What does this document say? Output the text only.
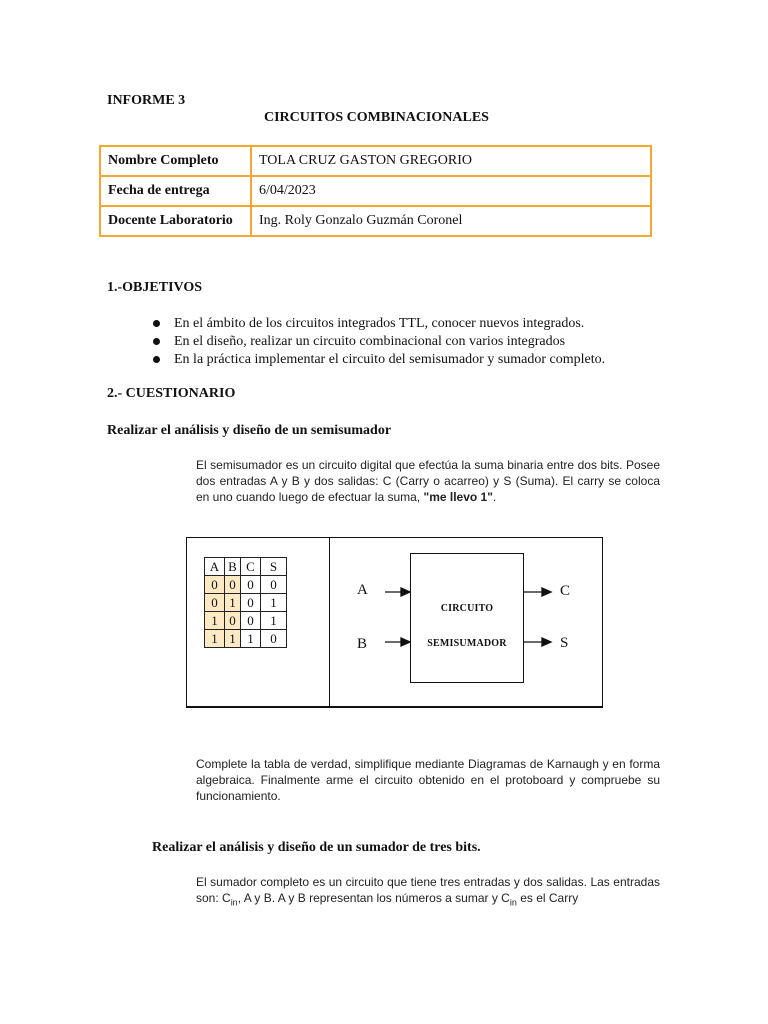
INFORME 3
CIRCUITOS COMBINACIONALES
Nombre Completo	TOLA CRUZ GASTON GREGORIO
Fecha de entrega	6/04/2023
Docente Laboratorio	Ing. Roly Gonzalo Guzmán Coronel
1.-OBJETIVOS
En el ámbito de los circuitos integrados TTL, conocer nuevos integrados.
En el diseño, realizar un circuito combinacional con varios integrados
En la práctica implementar el circuito del semisumador y sumador completo.
2.- CUESTIONARIO
Realizar el análisis y diseño de un semisumador
El semisumador es un circuito digital que efectúa la suma binaria entre dos bits. Posee dos entradas A y B y dos salidas: C (Carry o acarreo) y S (Suma). El carry se coloca en uno cuando luego de efectuar la suma, "me llevo 1".
A	B	C	S
0	0	0	0
0	1	0	1
1	0	0	1
1	1	1	0
A
B
CIRCUITO
SEMISUMADOR
C
S
Complete la tabla de verdad, simplifique mediante Diagramas de Karnaugh y en forma algebraica. Finalmente arme el circuito obtenido en el protoboard y compruebe su funcionamiento.
Realizar el análisis y diseño de un sumador de tres bits.
El sumador completo es un circuito que tiene tres entradas y dos salidas. Las entradas son: $C_{in}$, A y B. A y B representan los números a sumar y $C_{in}$ es el Carry
